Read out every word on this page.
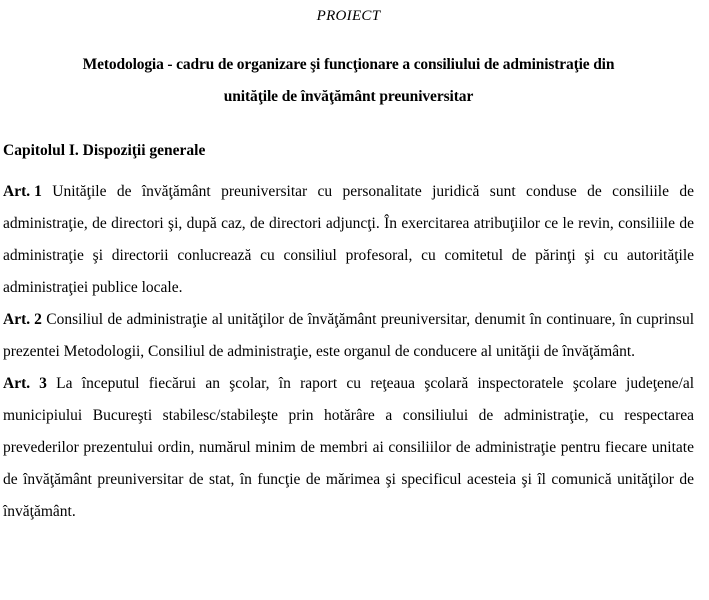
PROIECT

Metodologia - cadru de organizare şi funcţionare a consiliului de administraţie din
unităţile de învăţământ preuniversitar
Capitolul I. Dispoziţii generale

Art. 1 Unităţile de învăţământ preuniversitar cu personalitate juridică sunt conduse de consiliile de administraţie, de directori şi, după caz, de directori adjuncţi. În exercitarea atribuţiilor ce le revin, consiliile de administraţie şi directorii conlucrează cu consiliul profesoral, cu comitetul de părinţi şi cu autorităţile administraţiei publice locale.

Art. 2 Consiliul de administraţie al unităţilor de învăţământ preuniversitar, denumit în continuare, în cuprinsul prezentei Metodologii, Consiliul de administraţie, este organul de conducere al unităţii de învăţământ.

Art. 3 La începutul fiecărui an şcolar, în raport cu reţeaua şcolară inspectoratele şcolare judeţene/al municipiului Bucureşti stabilesc/stabileşte prin hotărâre a consiliului de administraţie, cu respectarea prevederilor prezentului ordin, numărul minim de membri ai consiliilor de administraţie pentru fiecare unitate de învăţământ preuniversitar de stat, în funcţie de mărimea şi specificul acesteia şi îl comunică unităţilor de învăţământ.
